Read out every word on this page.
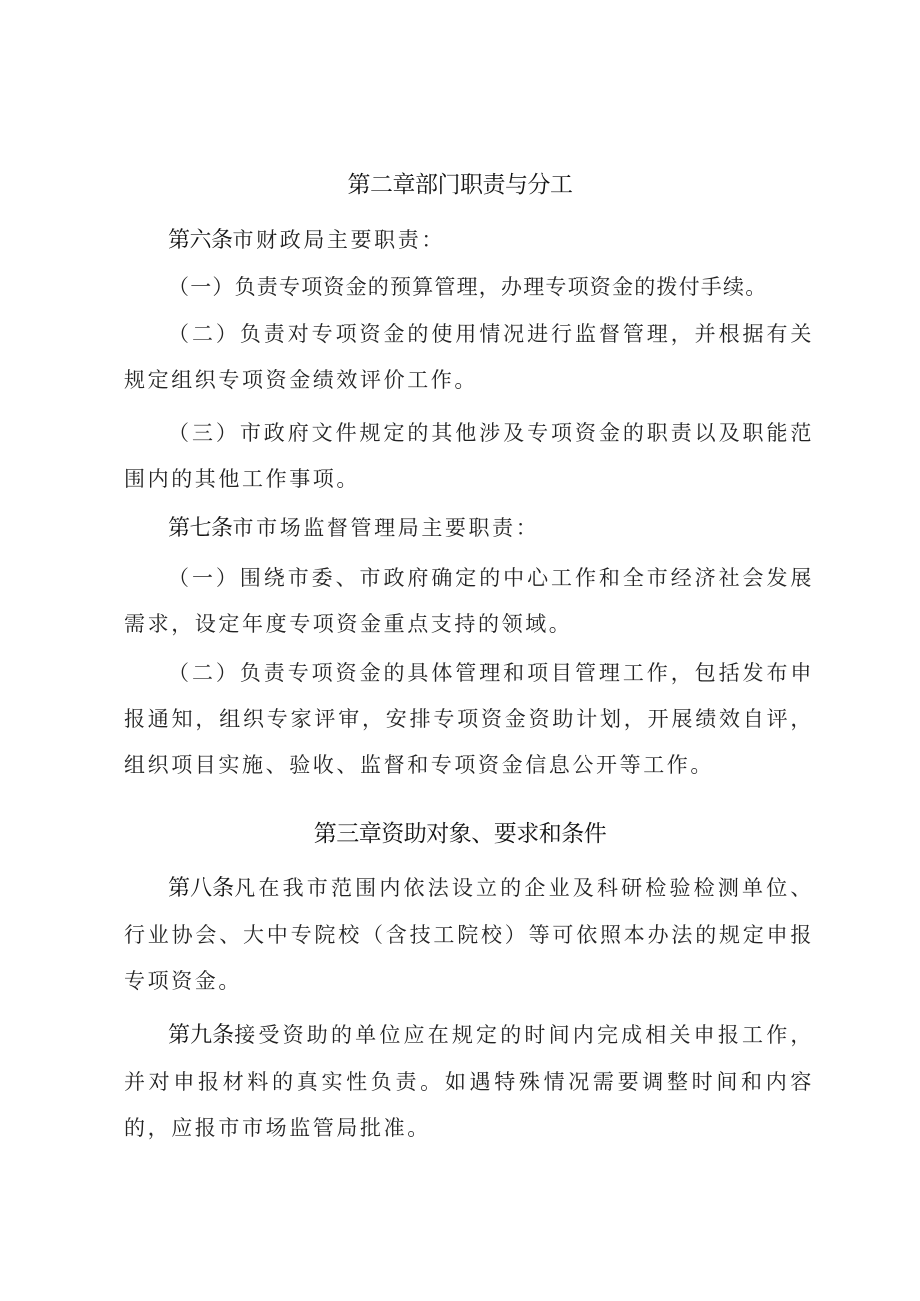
第二章部门职责与分工

第六条市财政局主要职责：

（一）负责专项资金的预算管理，办理专项资金的拨付手续。

（二）负责对专项资金的使用情况进行监督管理，并根据有关规定组织专项资金绩效评价工作。

（三）市政府文件规定的其他涉及专项资金的职责以及职能范围内的其他工作事项。

第七条市市场监督管理局主要职责：

（一）围绕市委、市政府确定的中心工作和全市经济社会发展需求，设定年度专项资金重点支持的领域。

（二）负责专项资金的具体管理和项目管理工作，包括发布申报通知，组织专家评审，安排专项资金资助计划，开展绩效自评，组织项目实施、验收、监督和专项资金信息公开等工作。

第三章资助对象、要求和条件

第八条凡在我市范围内依法设立的企业及科研检验检测单位、行业协会、大中专院校（含技工院校）等可依照本办法的规定申报专项资金。

第九条接受资助的单位应在规定的时间内完成相关申报工作，并对申报材料的真实性负责。如遇特殊情况需要调整时间和内容的，应报市市场监管局批准。
